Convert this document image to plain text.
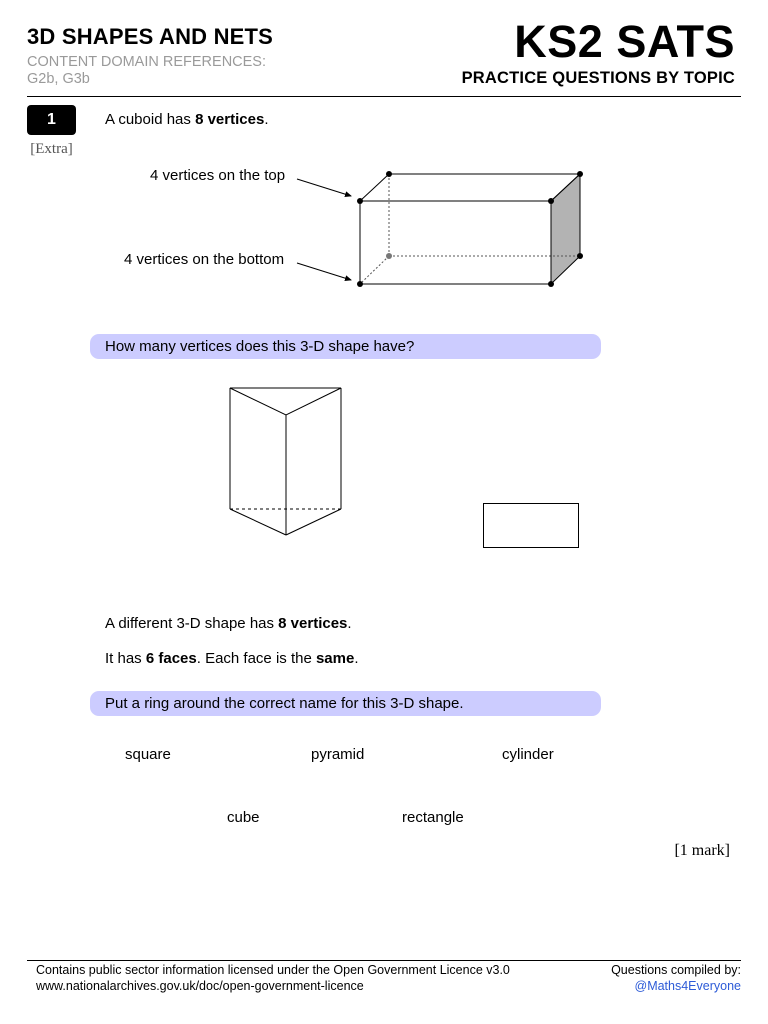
3D SHAPES AND NETS
CONTENT DOMAIN REFERENCES:
G2b, G3b
KS2 SATS
PRACTICE QUESTIONS BY TOPIC
1
[Extra]
A cuboid has 8 vertices.
4 vertices on the top
4 vertices on the bottom
How many vertices does this 3-D shape have?
A different 3-D shape has 8 vertices.
It has 6 faces. Each face is the same.
Put a ring around the correct name for this 3-D shape.
square	pyramid	cylinder
cube	rectangle
[1 mark]
Contains public sector information licensed under the Open Government Licence v3.0
www.nationalarchives.gov.uk/doc/open-government-licence
Questions compiled by:
@Maths4Everyone
